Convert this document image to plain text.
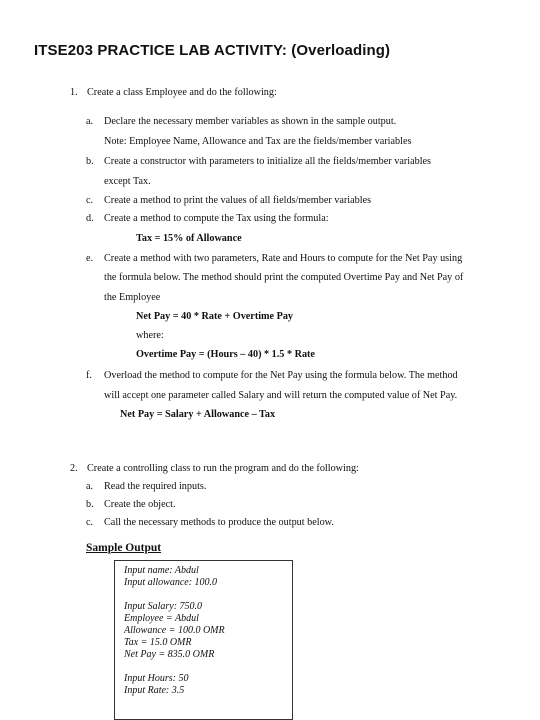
ITSE203 PRACTICE LAB ACTIVITY: (Overloading)
1. Create a class Employee and do the following:
a. Declare the necessary member variables as shown in the sample output.
Note: Employee Name, Allowance and Tax are the fields/member variables
b. Create a constructor with parameters to initialize all the fields/member variables
except Tax.
c. Create a method to print the values of all fields/member variables
d. Create a method to compute the Tax using the formula:
Tax = 15% of Allowance
e. Create a method with two parameters, Rate and Hours to compute for the Net Pay using
the formula below. The method should print the computed Overtime Pay and Net Pay of
the Employee
Net Pay = 40 * Rate + Overtime Pay
where:
Overtime Pay = (Hours – 40) * 1.5 * Rate
f. Overload the method to compute for the Net Pay using the formula below. The method
will accept one parameter called Salary and will return the computed value of Net Pay.
Net Pay = Salary + Allowance – Tax
2. Create a controlling class to run the program and do the following:
a. Read the required inputs.
b. Create the object.
c. Call the necessary methods to produce the output below.
Sample Output
Input name: Abdul
Input allowance: 100.0
Input Salary: 750.0
Employee = Abdul
Allowance = 100.0 OMR
Tax = 15.0 OMR
Net Pay = 835.0 OMR
Input Hours: 50
Input Rate: 3.5
